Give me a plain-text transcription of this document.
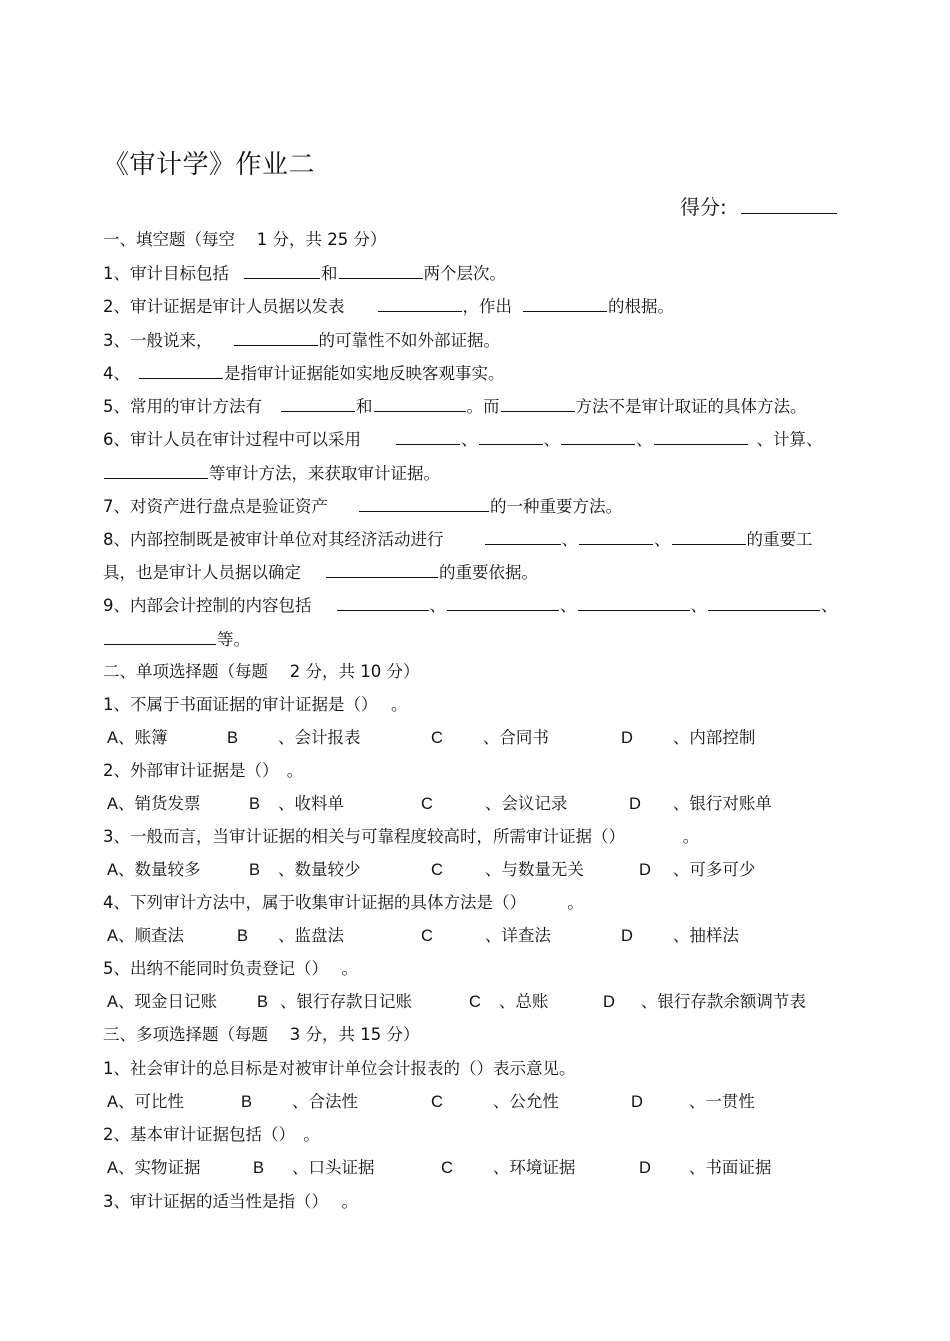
《审计学》作业二
得分:
一、填空题（每空　 1 分，共 25 分）
1、审计目标包括	和	两个层次。
2、审计证据是审计人员据以发表	，作出	的根据。
3、一般说来，	的可靠性不如外部证据。
4、	是指审计证据能如实地反映客观事实。
5、常用的审计方法有	和	。而	方法不是审计取证的具体方法。
6、审计人员在审计过程中可以采用	、	、	、	、计算、
等审计方法，来获取审计证据。
7、对资产进行盘点是验证资产	的一种重要方法。
8、内部控制既是被审计单位对其经济活动进行	、	、	的重要工
具，也是审计人员据以确定	的重要依据。
9、内部会计控制的内容包括	、	、	、	、
等。
二、单项选择题（每题　 2 分，共 10 分）
1、不属于书面证据的审计证据是（）　 。
A、账簿	B 、会计报表	C 、合同书	D 、内部控制
2、外部审计证据是（）　。
A、销货发票	B 、收料单	C	、会议记录	D 、银行对账单
3、一般而言，当审计证据的相关与可靠程度较高时，所需审计证据（）　　　　。
A、数量较多	B 、数量较少	C	、与数量无关	D 、可多可少
4、下列审计方法中，属于收集审计证据的具体方法是（）　　　。
A、顺查法	B 、监盘法	C	、详查法	D 、抽样法
5、出纳不能同时负责登记（）　 。
A、现金日记账 B 、银行存款日记账	C 、总账	D 、银行存款余额调节表
三、多项选择题（每题　 3 分，共 15 分）
1、社会审计的总目标是对被审计单位会计报表的（）表示意见。
A、可比性	B 、合法性	C	、公允性	D	、一贯性
2、基本审计证据包括（）　。
A、实物证据	B 、口头证据	C 、环境证据	D 、书面证据
3、审计证据的适当性是指（）　 。
